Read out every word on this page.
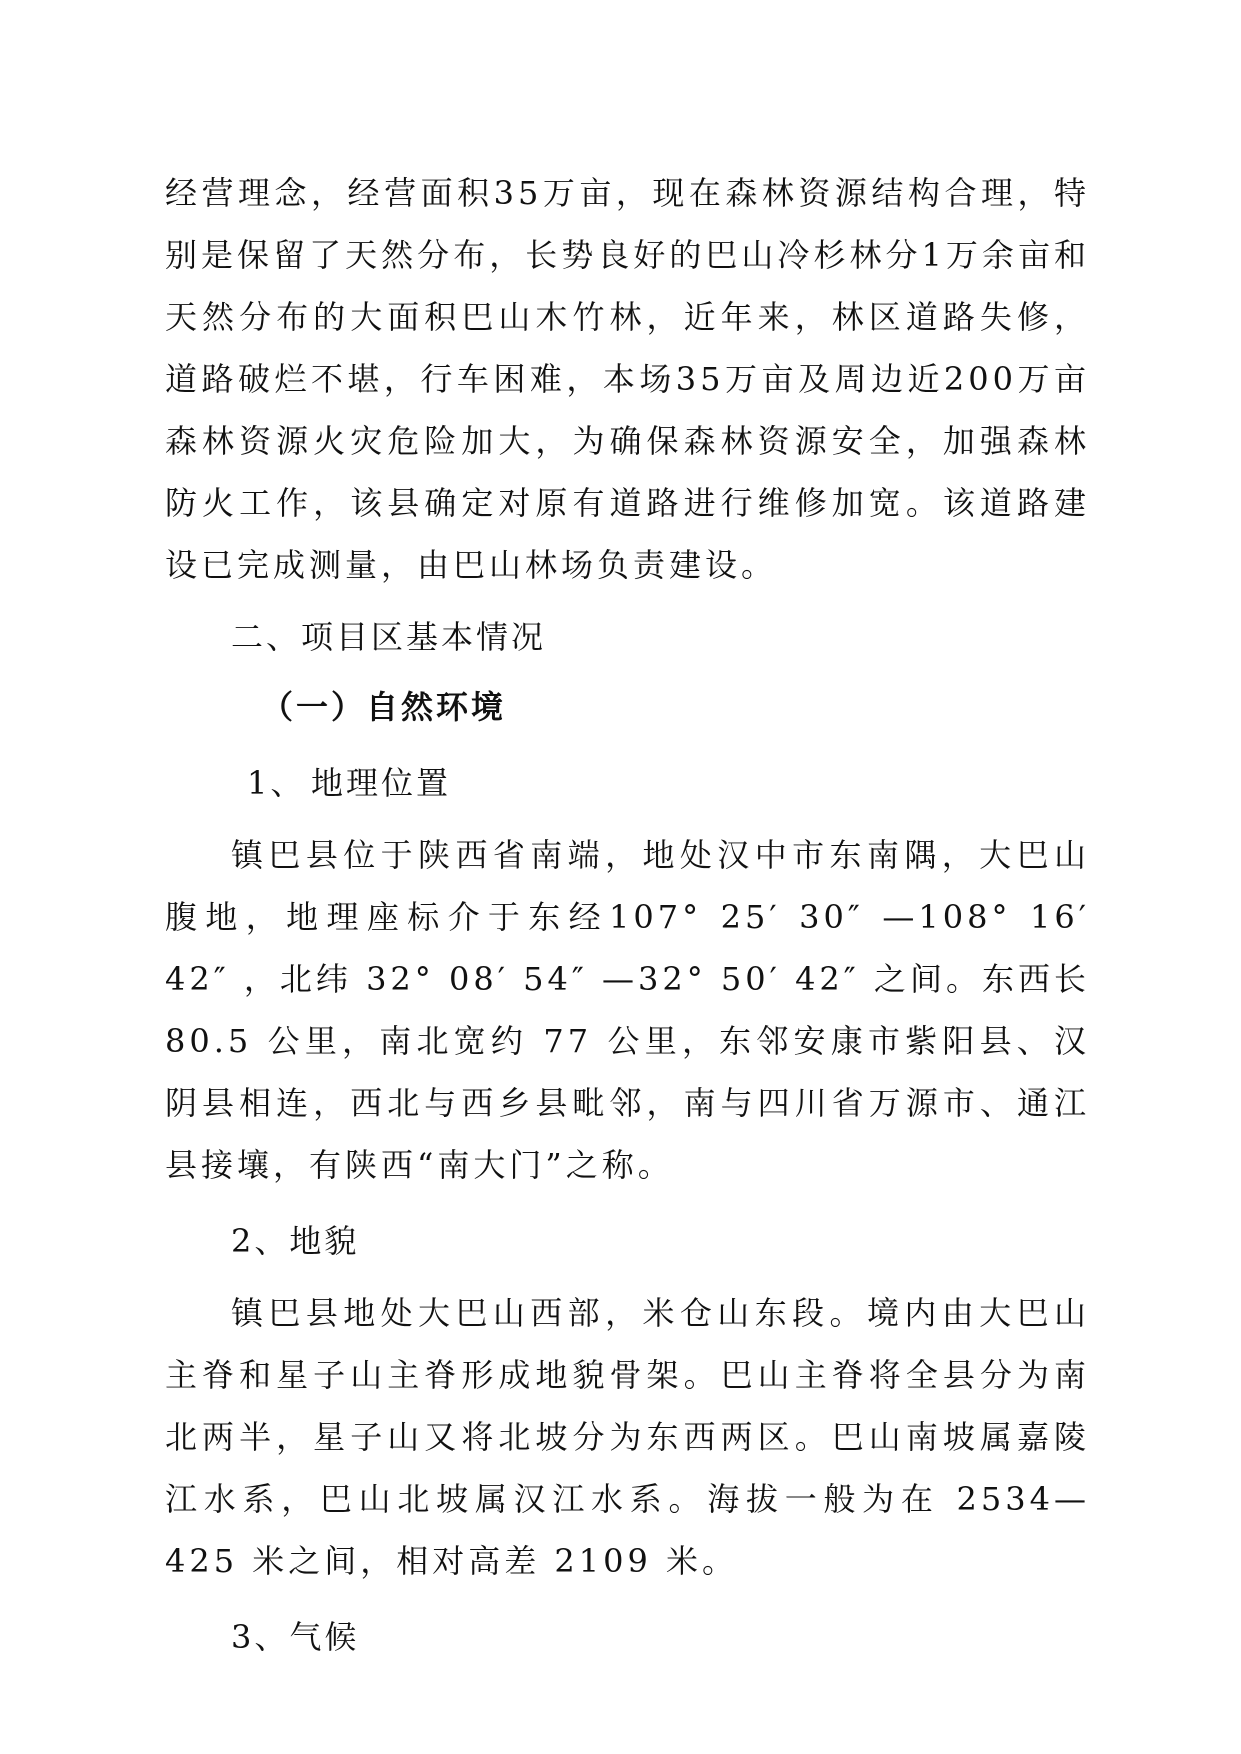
经营理念，经营面积35万亩，现在森林资源结构合理，特别是保留了天然分布，长势良好的巴山冷杉林分1万余亩和天然分布的大面积巴山木竹林，近年来，林区道路失修，道路破烂不堪，行车困难，本场35万亩及周边近200万亩森林资源火灾危险加大，为确保森林资源安全，加强森林防火工作，该县确定对原有道路进行维修加宽。该道路建设已完成测量，由巴山林场负责建设。

二、项目区基本情况
（一）自然环境
1、 地理位置

镇巴县位于陕西省南端，地处汉中市东南隅，大巴山腹地，地理座标介于东经107° 25′ 30″ —108° 16′ 42″ ，北纬 32° 08′ 54″ —32° 50′ 42″ 之间。东西长 80.5 公里，南北宽约 77 公里，东邻安康市紫阳县、汉阴县相连，西北与西乡县毗邻，南与四川省万源市、通江县接壤，有陕西“南大门”之称。

2、地貌

镇巴县地处大巴山西部，米仓山东段。境内由大巴山主脊和星子山主脊形成地貌骨架。巴山主脊将全县分为南北两半，星子山又将北坡分为东西两区。巴山南坡属嘉陵江水系，巴山北坡属汉江水系。海拔一般为在 2534—425 米之间，相对高差 2109 米。

3、气候
